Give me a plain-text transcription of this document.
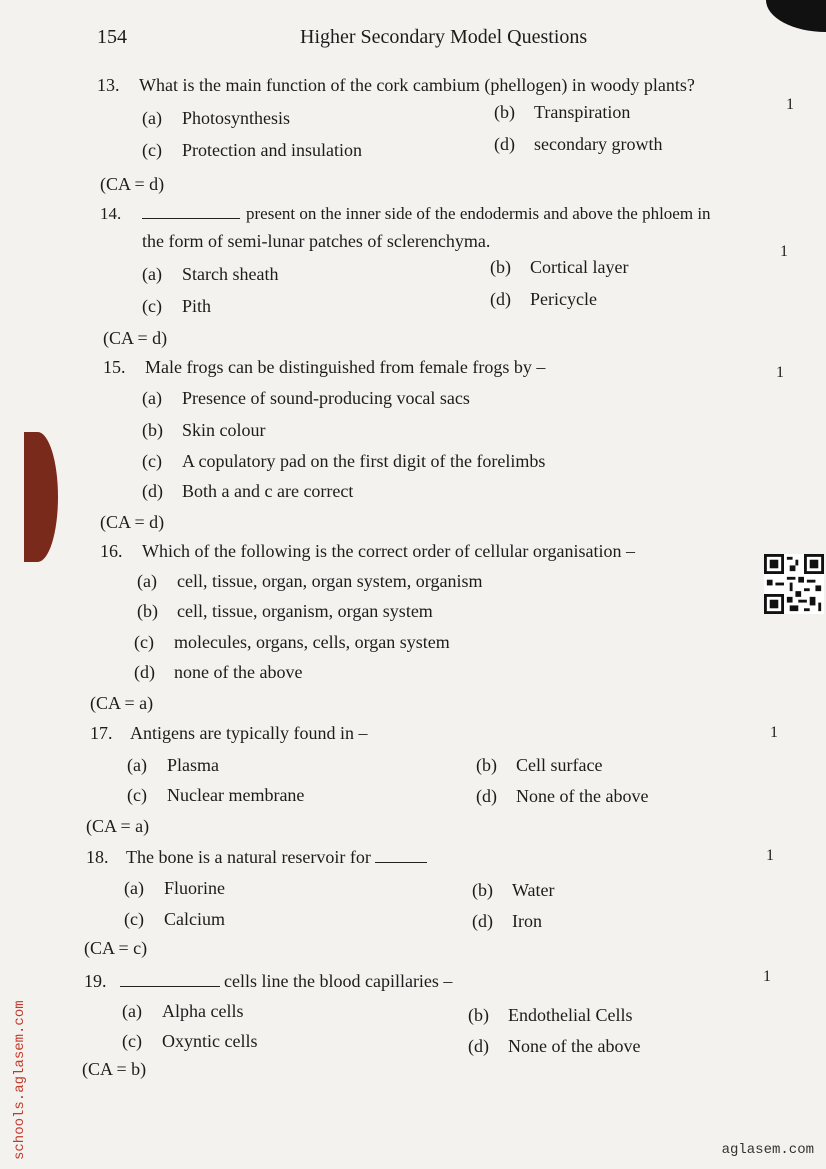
154	Higher Secondary Model Questions
13. What is the main function of the cork cambium (phellogen) in woody plants?
1
(a) Photosynthesis	(b) Transpiration
(c) Protection and insulation	(d) secondary growth
(CA = d)
14.	present on the inner side of the endodermis and above the phloem in
the form of semi-lunar patches of sclerenchyma.
1
(a) Starch sheath	(b) Cortical layer
(c) Pith	(d) Pericycle
(CA = d)
15. Male frogs can be distinguished from female frogs by –	1
(a) Presence of sound-producing vocal sacs
(b) Skin colour
(c) A copulatory pad on the first digit of the forelimbs
(d) Both a and c are correct
(CA = d)
16. Which of the following is the correct order of cellular organisation –
(a) cell, tissue, organ, organ system, organism
(b) cell, tissue, organism, organ system
(c) molecules, organs, cells, organ system
(d) none of the above
(CA = a)
17. Antigens are typically found in –	1
(a) Plasma	(b) Cell surface
(c) Nuclear membrane	(d) None of the above
(CA = a)
18. The bone is a natural reservoir for	1
(a) Fluorine	(b) Water
(c) Calcium	(d) Iron
(CA = c)
19.	cells line the blood capillaries –	1
(a) Alpha cells	(b) Endothelial Cells
(c) Oxyntic cells	(d) None of the above
(CA = b)
schools.aglasem.com	aglasem.com
